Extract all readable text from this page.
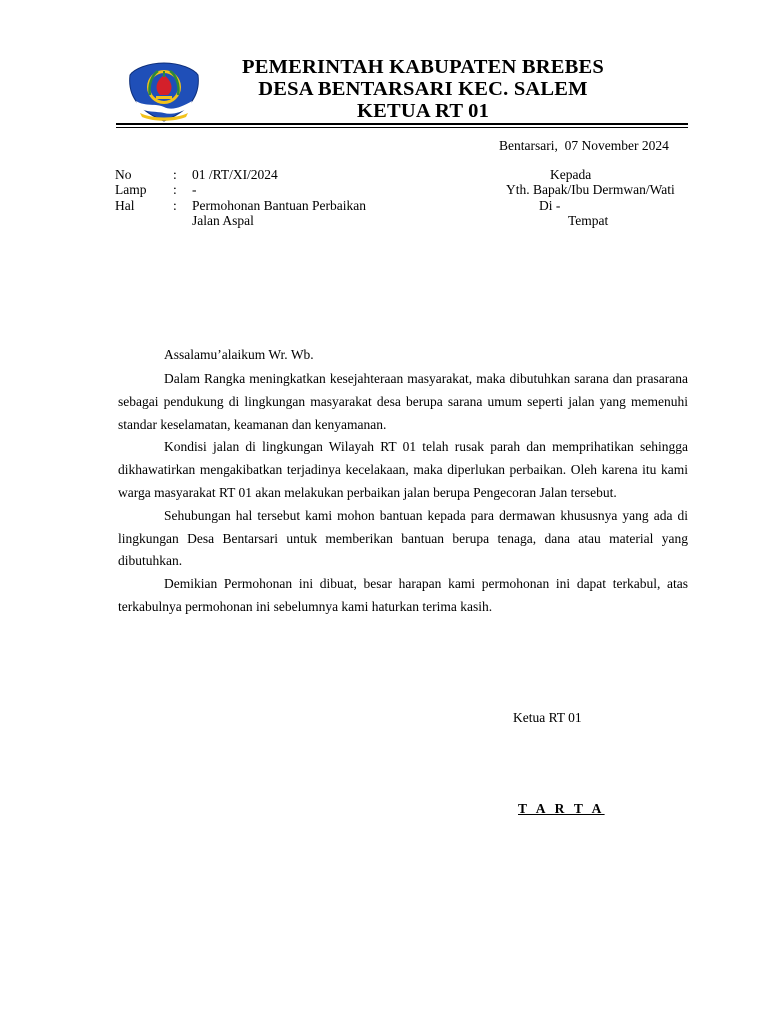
PEMERINTAH KABUPATEN BREBES
DESA BENTARSARI KEC. SALEM
KETUA RT 01
Bentarsari,  07 November 2024
No	: 01 /RT/XI/2024
Lamp : -
Hal	: Permohonan Bantuan Perbaikan
Jalan Aspal
Kepada
Yth. Bapak/Ibu Dermwan/Wati
Di -
Tempat
Assalamu’alaikum Wr. Wb.

Dalam Rangka meningkatkan kesejahteraan masyarakat, maka dibutuhkan sarana dan prasarana sebagai pendukung di lingkungan masyarakat desa berupa sarana umum seperti jalan yang memenuhi standar keselamatan, keamanan dan kenyamanan.

Kondisi jalan di lingkungan Wilayah RT 01 telah rusak parah dan memprihatikan sehingga dikhawatirkan mengakibatkan terjadinya kecelakaan, maka diperlukan perbaikan. Oleh karena itu kami warga masyarakat RT 01 akan melakukan perbaikan jalan berupa Pengecoran Jalan tersebut.

Sehubungan hal tersebut kami mohon bantuan kepada para dermawan khususnya yang ada di lingkungan Desa Bentarsari untuk memberikan bantuan berupa tenaga, dana atau material yang dibutuhkan.

Demikian Permohonan ini dibuat, besar harapan kami permohonan ini dapat terkabul, atas terkabulnya permohonan ini sebelumnya kami haturkan terima kasih.

Ketua RT 01
T A R T A
